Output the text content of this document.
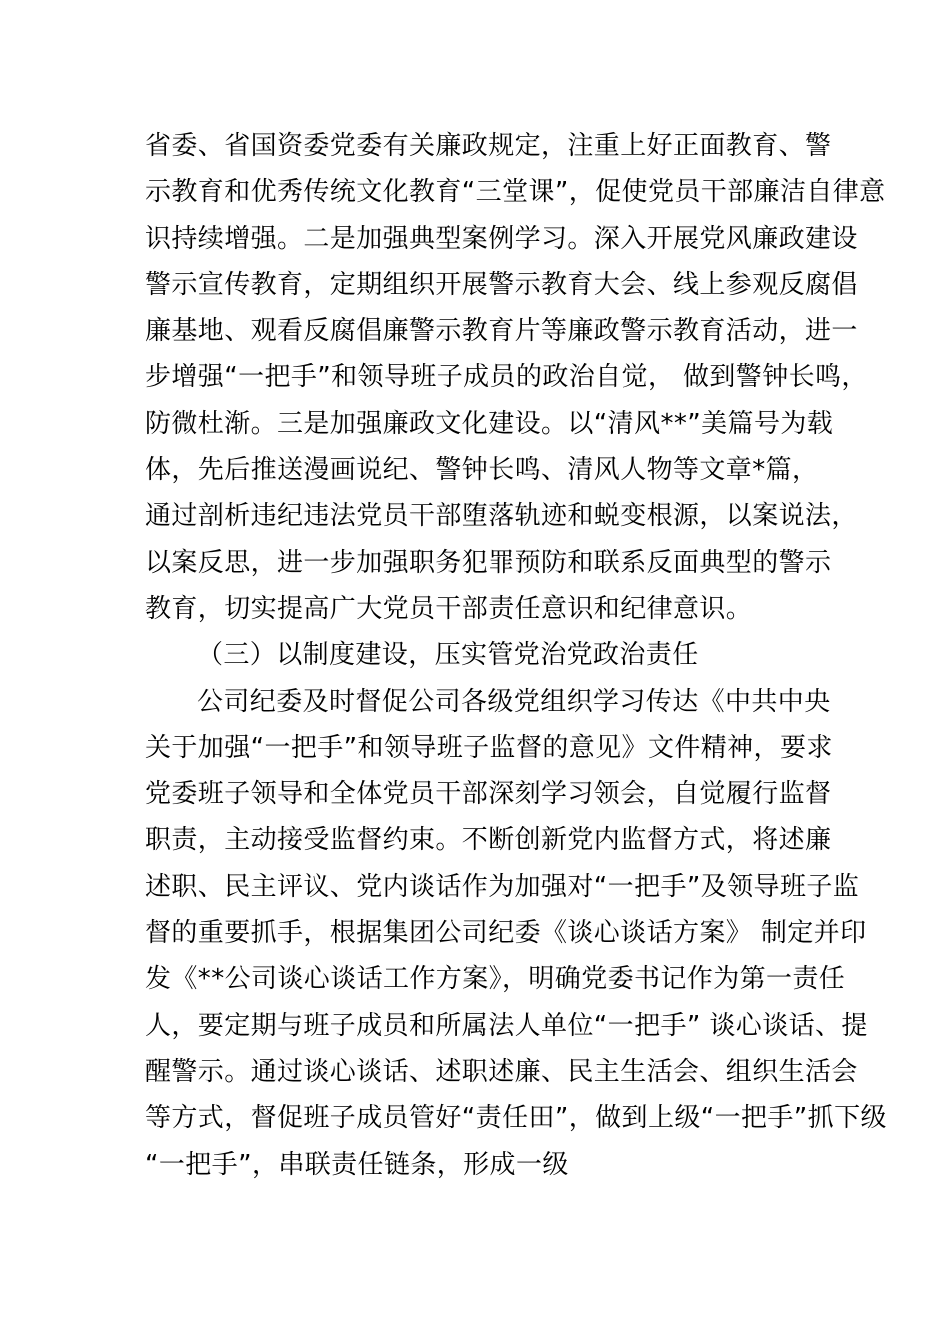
省委、省国资委党委有关廉政规定，注重上好正面教育、警
示教育和优秀传统文化教育“三堂课”，促使党员干部廉洁自律意
识持续增强。二是加强典型案例学习。深入开展党风廉政建设
警示宣传教育，定期组织开展警示教育大会、线上参观反腐倡
廉基地、观看反腐倡廉警示教育片等廉政警示教育活动，进一
步增强“一把手”和领导班子成员的政治自觉， 做到警钟长鸣，
防微杜渐。三是加强廉政文化建设。以“清风**”美篇号为载
体，先后推送漫画说纪、警钟长鸣、清风人物等文章*篇，
通过剖析违纪违法党员干部堕落轨迹和蜕变根源，以案说法，
以案反思，进一步加强职务犯罪预防和联系反面典型的警示
教育，切实提高广大党员干部责任意识和纪律意识。
（三）以制度建设，压实管党治党政治责任
公司纪委及时督促公司各级党组织学习传达《中共中央
关于加强“一把手”和领导班子监督的意见》文件精神，要求
党委班子领导和全体党员干部深刻学习领会，自觉履行监督
职责，主动接受监督约束。不断创新党内监督方式，将述廉
述职、民主评议、党内谈话作为加强对“一把手”及领导班子监
督的重要抓手，根据集团公司纪委《谈心谈话方案》 制定并印
发《**公司谈心谈话工作方案》，明确党委书记作为第一责任
人，要定期与班子成员和所属法人单位“一把手” 谈心谈话、提
醒警示。通过谈心谈话、述职述廉、民主生活会、组织生活会
等方式，督促班子成员管好“责任田”，做到上级“一把手”抓下级
“一把手”，串联责任链条，形成一级
